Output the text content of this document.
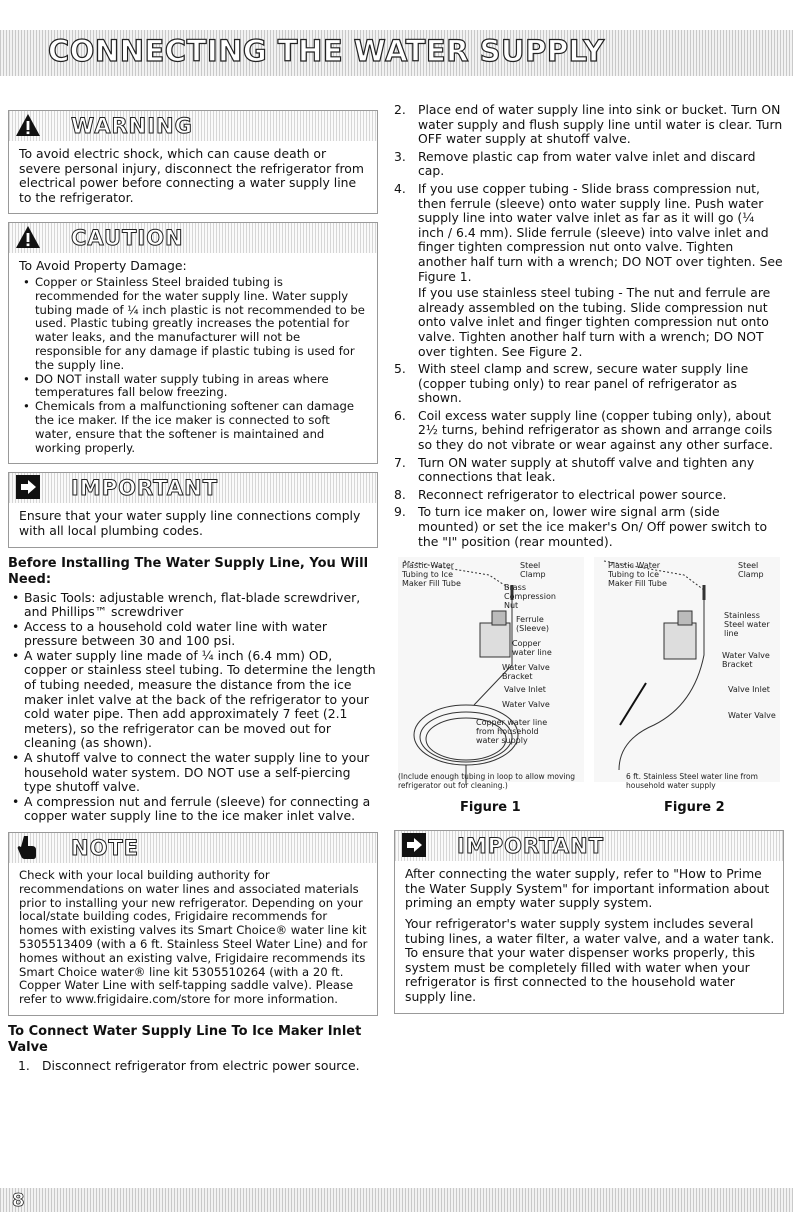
CONNECTING THE WATER SUPPLY
WARNING

To avoid electric shock, which can cause death or severe personal injury, disconnect the refrigerator from electrical power before connecting a water supply line to the refrigerator.

CAUTION

To Avoid Property Damage:

• Copper or Stainless Steel braided tubing is recommended for the water supply line. Water supply tubing made of ¼ inch plastic is not recommended to be used. Plastic tubing greatly increases the potential for water leaks, and the manufacturer will not be responsible for any damage if plastic tubing is used for the supply line.
• DO NOT install water supply tubing in areas where temperatures fall below freezing.
• Chemicals from a malfunctioning softener can damage the ice maker. If the ice maker is connected to soft water, ensure that the softener is maintained and working properly.
IMPORTANT

Ensure that your water supply line connections comply with all local plumbing codes.

Before Installing The Water Supply Line, You Will Need:
• Basic Tools: adjustable wrench, flat-blade screwdriver, and Phillips™ screwdriver
• Access to a household cold water line with water pressure between 30 and 100 psi.
• A water supply line made of ¼ inch (6.4 mm) OD, copper or stainless steel tubing. To determine the length of tubing needed, measure the distance from the ice maker inlet valve at the back of the refrigerator to your cold water pipe. Then add approximately 7 feet (2.1 meters), so the refrigerator can be moved out for cleaning (as shown).
• A shutoff valve to connect the water supply line to your household water system. DO NOT use a self-piercing type shutoff valve.
• A compression nut and ferrule (sleeve) for connecting a copper water supply line to the ice maker inlet valve.
NOTE

Check with your local building authority for recommendations on water lines and associated materials prior to installing your new refrigerator. Depending on your local/state building codes, Frigidaire recommends for homes with existing valves its Smart Choice® water line kit 5305513409 (with a 6 ft. Stainless Steel Water Line) and for homes without an existing valve, Frigidaire recommends its Smart Choice water® line kit 5305510264 (with a 20 ft. Copper Water Line with self-tapping saddle valve). Please refer to www.frigidaire.com/store for more information.

To Connect Water Supply Line To Ice Maker Inlet Valve
1. Disconnect refrigerator from electric power source.
2. Place end of water supply line into sink or bucket. Turn ON water supply and flush supply line until water is clear. Turn OFF water supply at shutoff valve.
3. Remove plastic cap from water valve inlet and discard cap.
4. If you use copper tubing - Slide brass compression nut, then ferrule (sleeve) onto water supply line. Push water supply line into water valve inlet as far as it will go (¼ inch / 6.4 mm). Slide ferrule (sleeve) into valve inlet and finger tighten compression nut onto valve. Tighten another half turn with a wrench; DO NOT over tighten. See Figure 1.
If you use stainless steel tubing - The nut and ferrule are already assembled on the tubing. Slide compression nut onto valve inlet and finger tighten compression nut onto valve. Tighten another half turn with a wrench; DO NOT over tighten. See Figure 2.
5. With steel clamp and screw, secure water supply line (copper tubing only) to rear panel of refrigerator as shown.
6. Coil excess water supply line (copper tubing only), about 2½ turns, behind refrigerator as shown and arrange coils so they do not vibrate or wear against any other surface.
7. Turn ON water supply at shutoff valve and tighten any connections that leak.
8. Reconnect refrigerator to electrical power source.
9. To turn ice maker on, lower wire signal arm (side mounted) or set the ice maker's On/ Off power switch to the "I" position (rear mounted).
Plastic Water Tubing to Ice Maker Fill Tube
Steel Clamp
Brass Compression Nut
Ferrule (Sleeve)
Copper water line
Water Valve Bracket
Valve Inlet
Water Valve
Copper water line from household water supply
(Include enough tubing in loop to allow moving refrigerator out for cleaning.)
Plastic Water Tubing to Ice Maker Fill Tube
Steel Clamp
Stainless Steel water line
Water Valve Bracket
Valve Inlet
Water Valve
6 ft. Stainless Steel water line from household water supply
Figure 1	Figure 2
IMPORTANT

After connecting the water supply, refer to "How to Prime the Water Supply System" for important information about priming an empty water supply system.

Your refrigerator's water supply system includes several tubing lines, a water filter, a water valve, and a water tank. To ensure that your water dispenser works properly, this system must be completely filled with water when your refrigerator is first connected to the household water supply line.

8
